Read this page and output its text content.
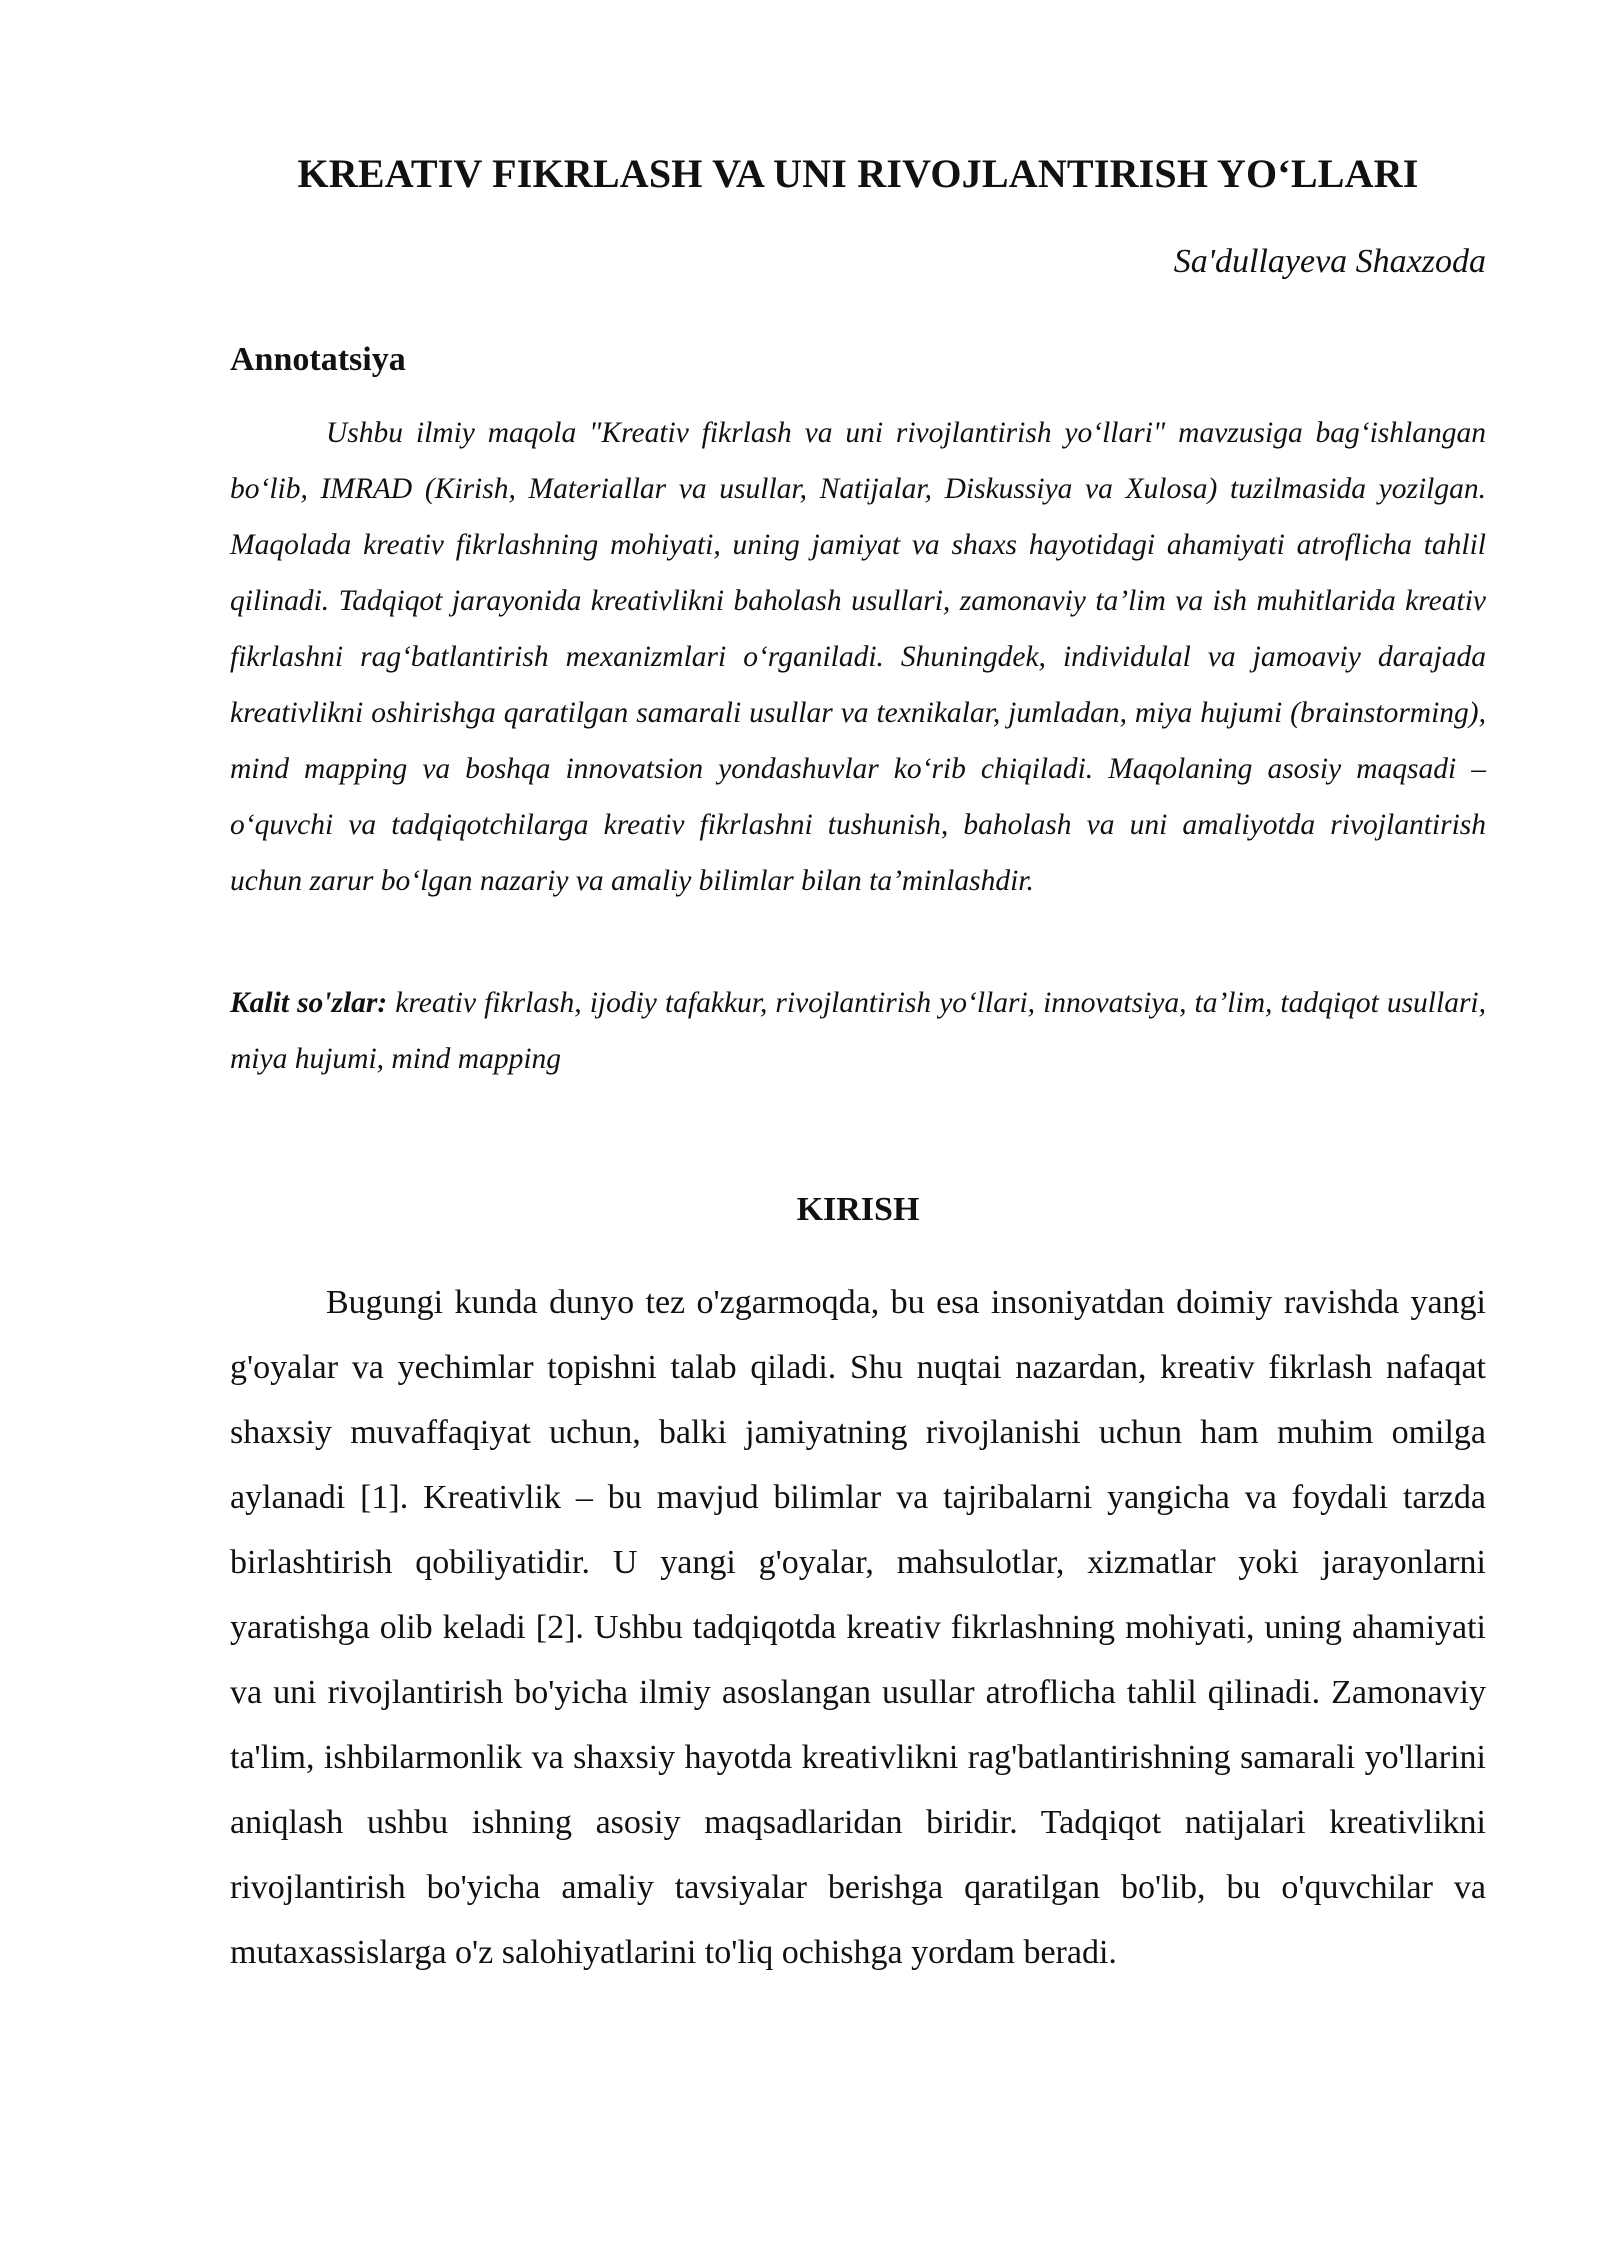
KREATIV FIKRLASH VA UNI RIVOJLANTIRISH YO‘LLARI
Sa'dullayeva Shaxzoda
Annotatsiya

Ushbu ilmiy maqola "Kreativ fikrlash va uni rivojlantirish yo‘llari" mavzusiga bag‘ishlangan bo‘lib, IMRAD (Kirish, Materiallar va usullar, Natijalar, Diskussiya va Xulosa) tuzilmasida yozilgan. Maqolada kreativ fikrlashning mohiyati, uning jamiyat va shaxs hayotidagi ahamiyati atroflicha tahlil qilinadi. Tadqiqot jarayonida kreativlikni baholash usullari, zamonaviy ta’lim va ish muhitlarida kreativ fikrlashni rag‘batlantirish mexanizmlari o‘rganiladi. Shuningdek, individulal va jamoaviy darajada kreativlikni oshirishga qaratilgan samarali usullar va texnikalar, jumladan, miya hujumi (brainstorming), mind mapping va boshqa innovatsion yondashuvlar ko‘rib chiqiladi. Maqolaning asosiy maqsadi – o‘quvchi va tadqiqotchilarga kreativ fikrlashni tushunish, baholash va uni amaliyotda rivojlantirish uchun zarur bo‘lgan nazariy va amaliy bilimlar bilan ta’minlashdir.

Kalit so'zlar: kreativ fikrlash, ijodiy tafakkur, rivojlantirish yo‘llari, innovatsiya, ta’lim, tadqiqot usullari, miya hujumi, mind mapping

KIRISH

Bugungi kunda dunyo tez o'zgarmoqda, bu esa insoniyatdan doimiy ravishda yangi g'oyalar va yechimlar topishni talab qiladi. Shu nuqtai nazardan, kreativ fikrlash nafaqat shaxsiy muvaffaqiyat uchun, balki jamiyatning rivojlanishi uchun ham muhim omilga aylanadi [1]. Kreativlik – bu mavjud bilimlar va tajribalarni yangicha va foydali tarzda birlashtirish qobiliyatidir. U yangi g'oyalar, mahsulotlar, xizmatlar yoki jarayonlarni yaratishga olib keladi [2]. Ushbu tadqiqotda kreativ fikrlashning mohiyati, uning ahamiyati va uni rivojlantirish bo'yicha ilmiy asoslangan usullar atroflicha tahlil qilinadi. Zamonaviy ta'lim, ishbilarmonlik va shaxsiy hayotda kreativlikni rag'batlantirishning samarali yo'llarini aniqlash ushbu ishning asosiy maqsadlaridan biridir. Tadqiqot natijalari kreativlikni rivojlantirish bo'yicha amaliy tavsiyalar berishga qaratilgan bo'lib, bu o'quvchilar va mutaxassislarga o'z salohiyatlarini to'liq ochishga yordam beradi.
